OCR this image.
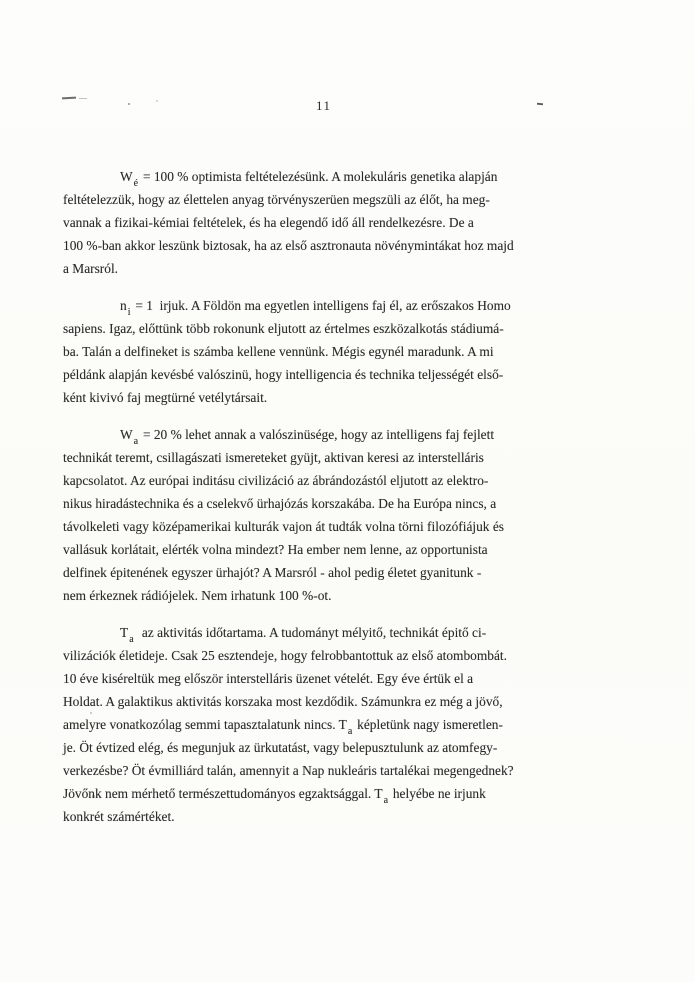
11
$W_é = 100$ % optimista feltételezésünk. A molekuláris genetika alapján
feltételezzük, hogy az élettelen anyag törvényszerüen megszüli az élőt, ha meg-
vannak a fizikai-kémiai feltételek, és ha elegendő idő áll rendelkezésre. De a
100 %-ban akkor leszünk biztosak, ha az első asztronauta növénymintákat hoz majd
a Marsról.
$n_i = 1$  irjuk. A Földön ma egyetlen intelligens faj él, az erőszakos Homo
sapiens. Igaz, előttünk több rokonunk eljutott az értelmes eszközalkotás stádiumá-
ba. Talán a delfineket is számba kellene vennünk. Mégis egynél maradunk. A mi
példánk alapján kevésbé valószinü, hogy intelligencia és technika teljességét első-
ként kivivó faj megtürné vetélytársait.
$W_a = 20$ % lehet annak a valószinüsége, hogy az intelligens faj fejlett
technikát teremt, csillagászati ismereteket gyüjt, aktivan keresi az interstelláris
kapcsolatot. Az európai inditásu civilizáció az ábrándozástól eljutott az elektro-
nikus hiradástechnika és a cselekvő ürhajózás korszakába. De ha Európa nincs, a
távolkeleti vagy középamerikai kulturák vajon át tudták volna törni filozófiájuk és
vallásuk korlátait, elérték volna mindezt? Ha ember nem lenne, az opportunista
delfinek épitenének egyszer ürhajót? A Marsról - ahol pedig életet gyanitunk -
nem érkeznek rádiójelek. Nem irhatunk 100 %-ot.
$T_a$  az aktivitás időtartama. A tudományt mélyitő, technikát épitő ci-
vilizációk életideje. Csak 25 esztendeje, hogy felrobbantottuk az első atombombát.
10 éve kiséreltük meg először interstelláris üzenet vételét. Egy éve értük el a
Holdat. A galaktikus aktivitás korszaka most kezdődik. Számunkra ez még a jövő,
amelyre vonatkozólag semmi tapasztalatunk nincs. $T_a$ képletünk nagy ismeretlen-
je. Öt évtized elég, és megunjuk az ürkutatást, vagy belepusztulunk az atomfegy-
verkezésbe? Öt évmilliárd talán, amennyit a Nap nukleáris tartalékai megengednek?
Jövőnk nem mérhető természettudományos egzaktsággal. $T_a$ helyébe ne irjunk
konkrét számértéket.
